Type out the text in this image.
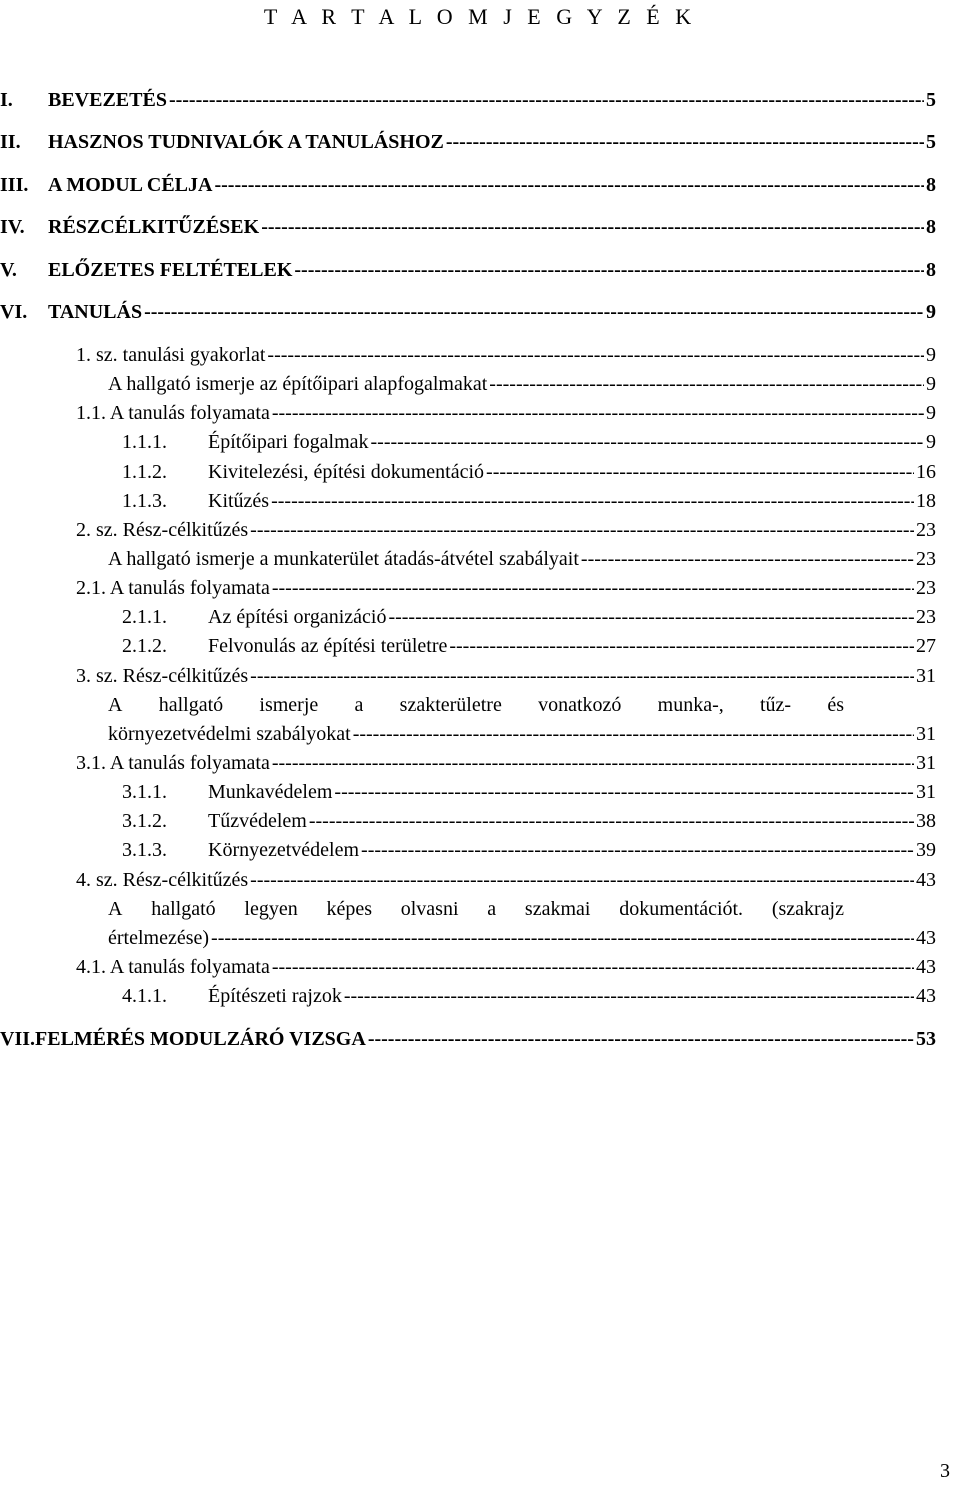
T A R T A L O M J E G Y Z É K
I.	BEVEZETÉS -----	5
II.	HASZNOS TUDNIVALÓK A TANULÁSHOZ -----	5
III. A MODUL CÉLJA -----	8
IV.	RÉSZCÉLKITŰZÉSEK -----	8
V.	ELŐZETES FELTÉTELEK -----	8
VI.	TANULÁS -----	9
1. sz. tanulási gyakorlat -----	9
A hallgató ismerje az építőipari alapfogalmakat -----	9
1.1. A tanulás folyamata -----	9
1.1.1.	Építőipari fogalmak -----	9
1.1.2.	Kivitelezési, építési dokumentáció -----	16
1.1.3.	Kitűzés -----	18
2. sz. Rész-célkitűzés -----	23
A hallgató ismerje a munkaterület átadás-átvétel szabályait -----	23
2.1. A tanulás folyamata -----	23
2.1.1.	Az építési organizáció -----	23
2.1.2.	Felvonulás az építési területre -----	27
3. sz. Rész-célkitűzés -----	31
A hallgató ismerje a szakterületre vonatkozó munka-, tűz- és
környezetvédelmi szabályokat -----	31
3.1. A tanulás folyamata -----	31
3.1.1.	Munkavédelem -----	31
3.1.2.	Tűzvédelem -----	38
3.1.3.	Környezetvédelem -----	39
4. sz. Rész-célkitűzés -----	43
A hallgató legyen képes olvasni a szakmai dokumentációt. (szakrajz
értelmezése) -----	43
4.1. A tanulás folyamata -----	43
4.1.1.	Építészeti rajzok -----	43
VII. FELMÉRÉS MODULZÁRÓ VIZSGA -----	53
3
